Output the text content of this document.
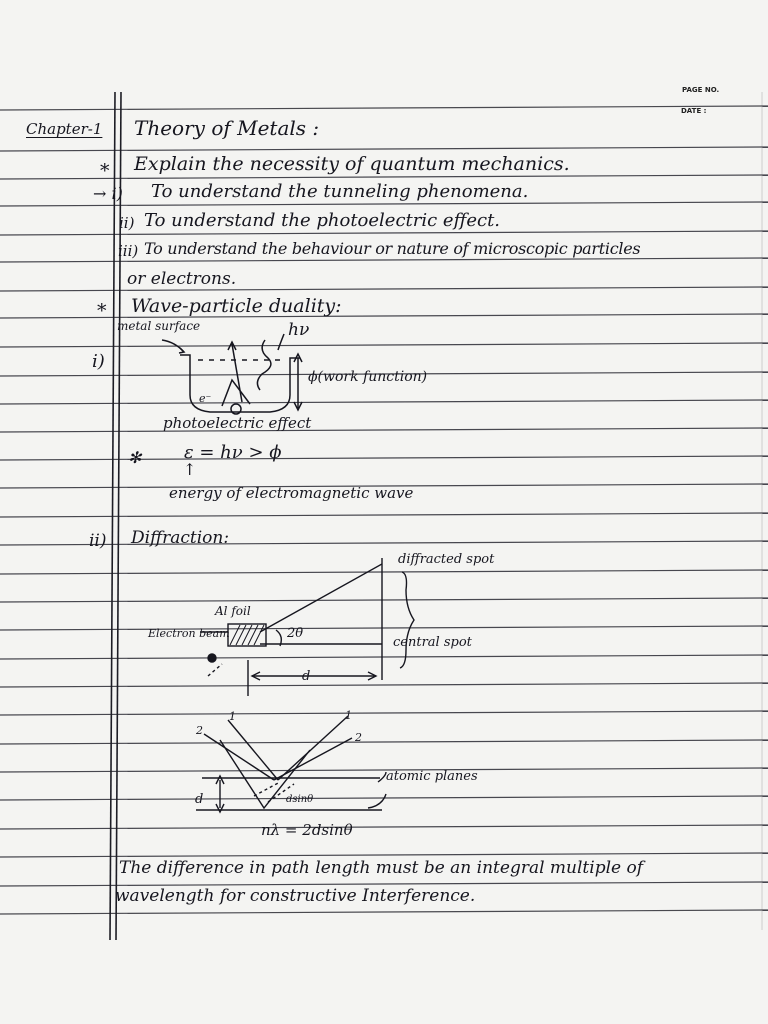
PAGE NO.
DATE :
Chapter-1 Theory of Metals :
* Explain the necessity of quantum mechanics.
→ i) To understand the tunneling phenomena.
ii) To understand the photoelectric effect.
iii) To understand the behaviour or nature of microscopic particles
or electrons.
* Wave-particle duality:
i)
metal surface	hν
e⁻
ϕ(work function)
photoelectric effect
✻ ε = hν > ϕ
↑
energy of electromagnetic wave
ii) Diffraction:
diffracted spot
Al foil
Electron beam	2θ
central spot
d
2
1	1
2
atomic planes
d	dsinθ
nλ = 2dsinθ
The difference in path length must be an integral multiple of
wavelength for constructive Interference.
